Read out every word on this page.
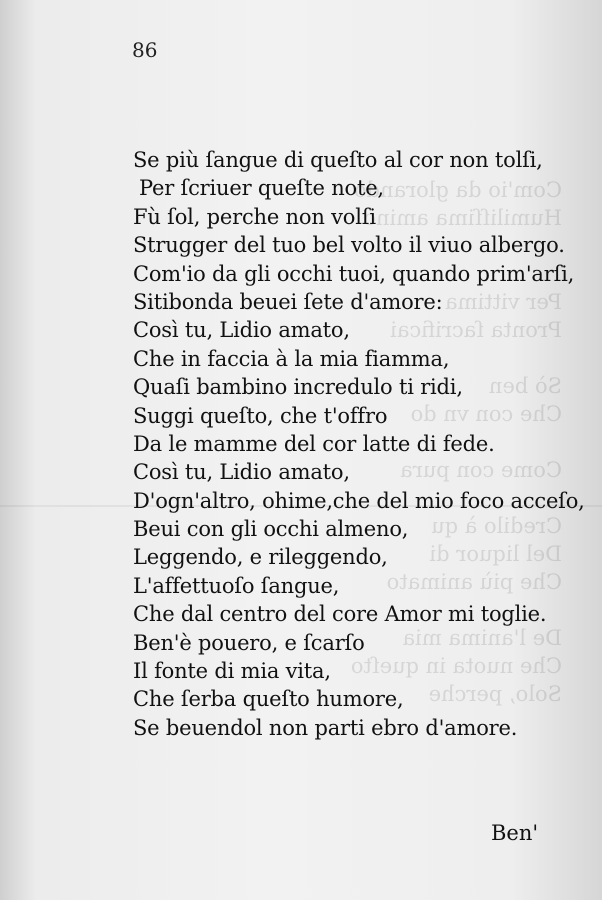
Com'io da glorando
Humiliſſima amino
Per vittima
Pronta ſacrificai
Sò ben
Che con vn do
Come con pura
Credilo à qu
Del liquor di
Che più animato
De l'anima mia
Che nuota in queſto
Solo, perche
86
Se più ſangue di queſto al cor non tolſi,
Per ſcriuer queſte note,
Fù ſol, perche non volſi
Strugger del tuo bel volto il viuo albergo.
Com'io da gli occhi tuoi, quando prim'arſi,
Sitibonda beuei ſete d'amore:
Così tu, Lidio amato,
Che in faccia à la mia fiamma,
Quaſi bambino incredulo ti ridi,
Suggi queſto, che t'offro
Da le mamme del cor latte di fede.
Così tu, Lidio amato,
D'ogn'altro, ohime,che del mio foco acceſo,
Beui con gli occhi almeno,
Leggendo, e rileggendo,
L'affettuoſo ſangue,
Che dal centro del core Amor mi toglie.
Ben'è pouero, e ſcarſo
Il fonte di mia vita,
Che ſerba queſto humore,
Se beuendol non parti ebro d'amore.
Ben'
